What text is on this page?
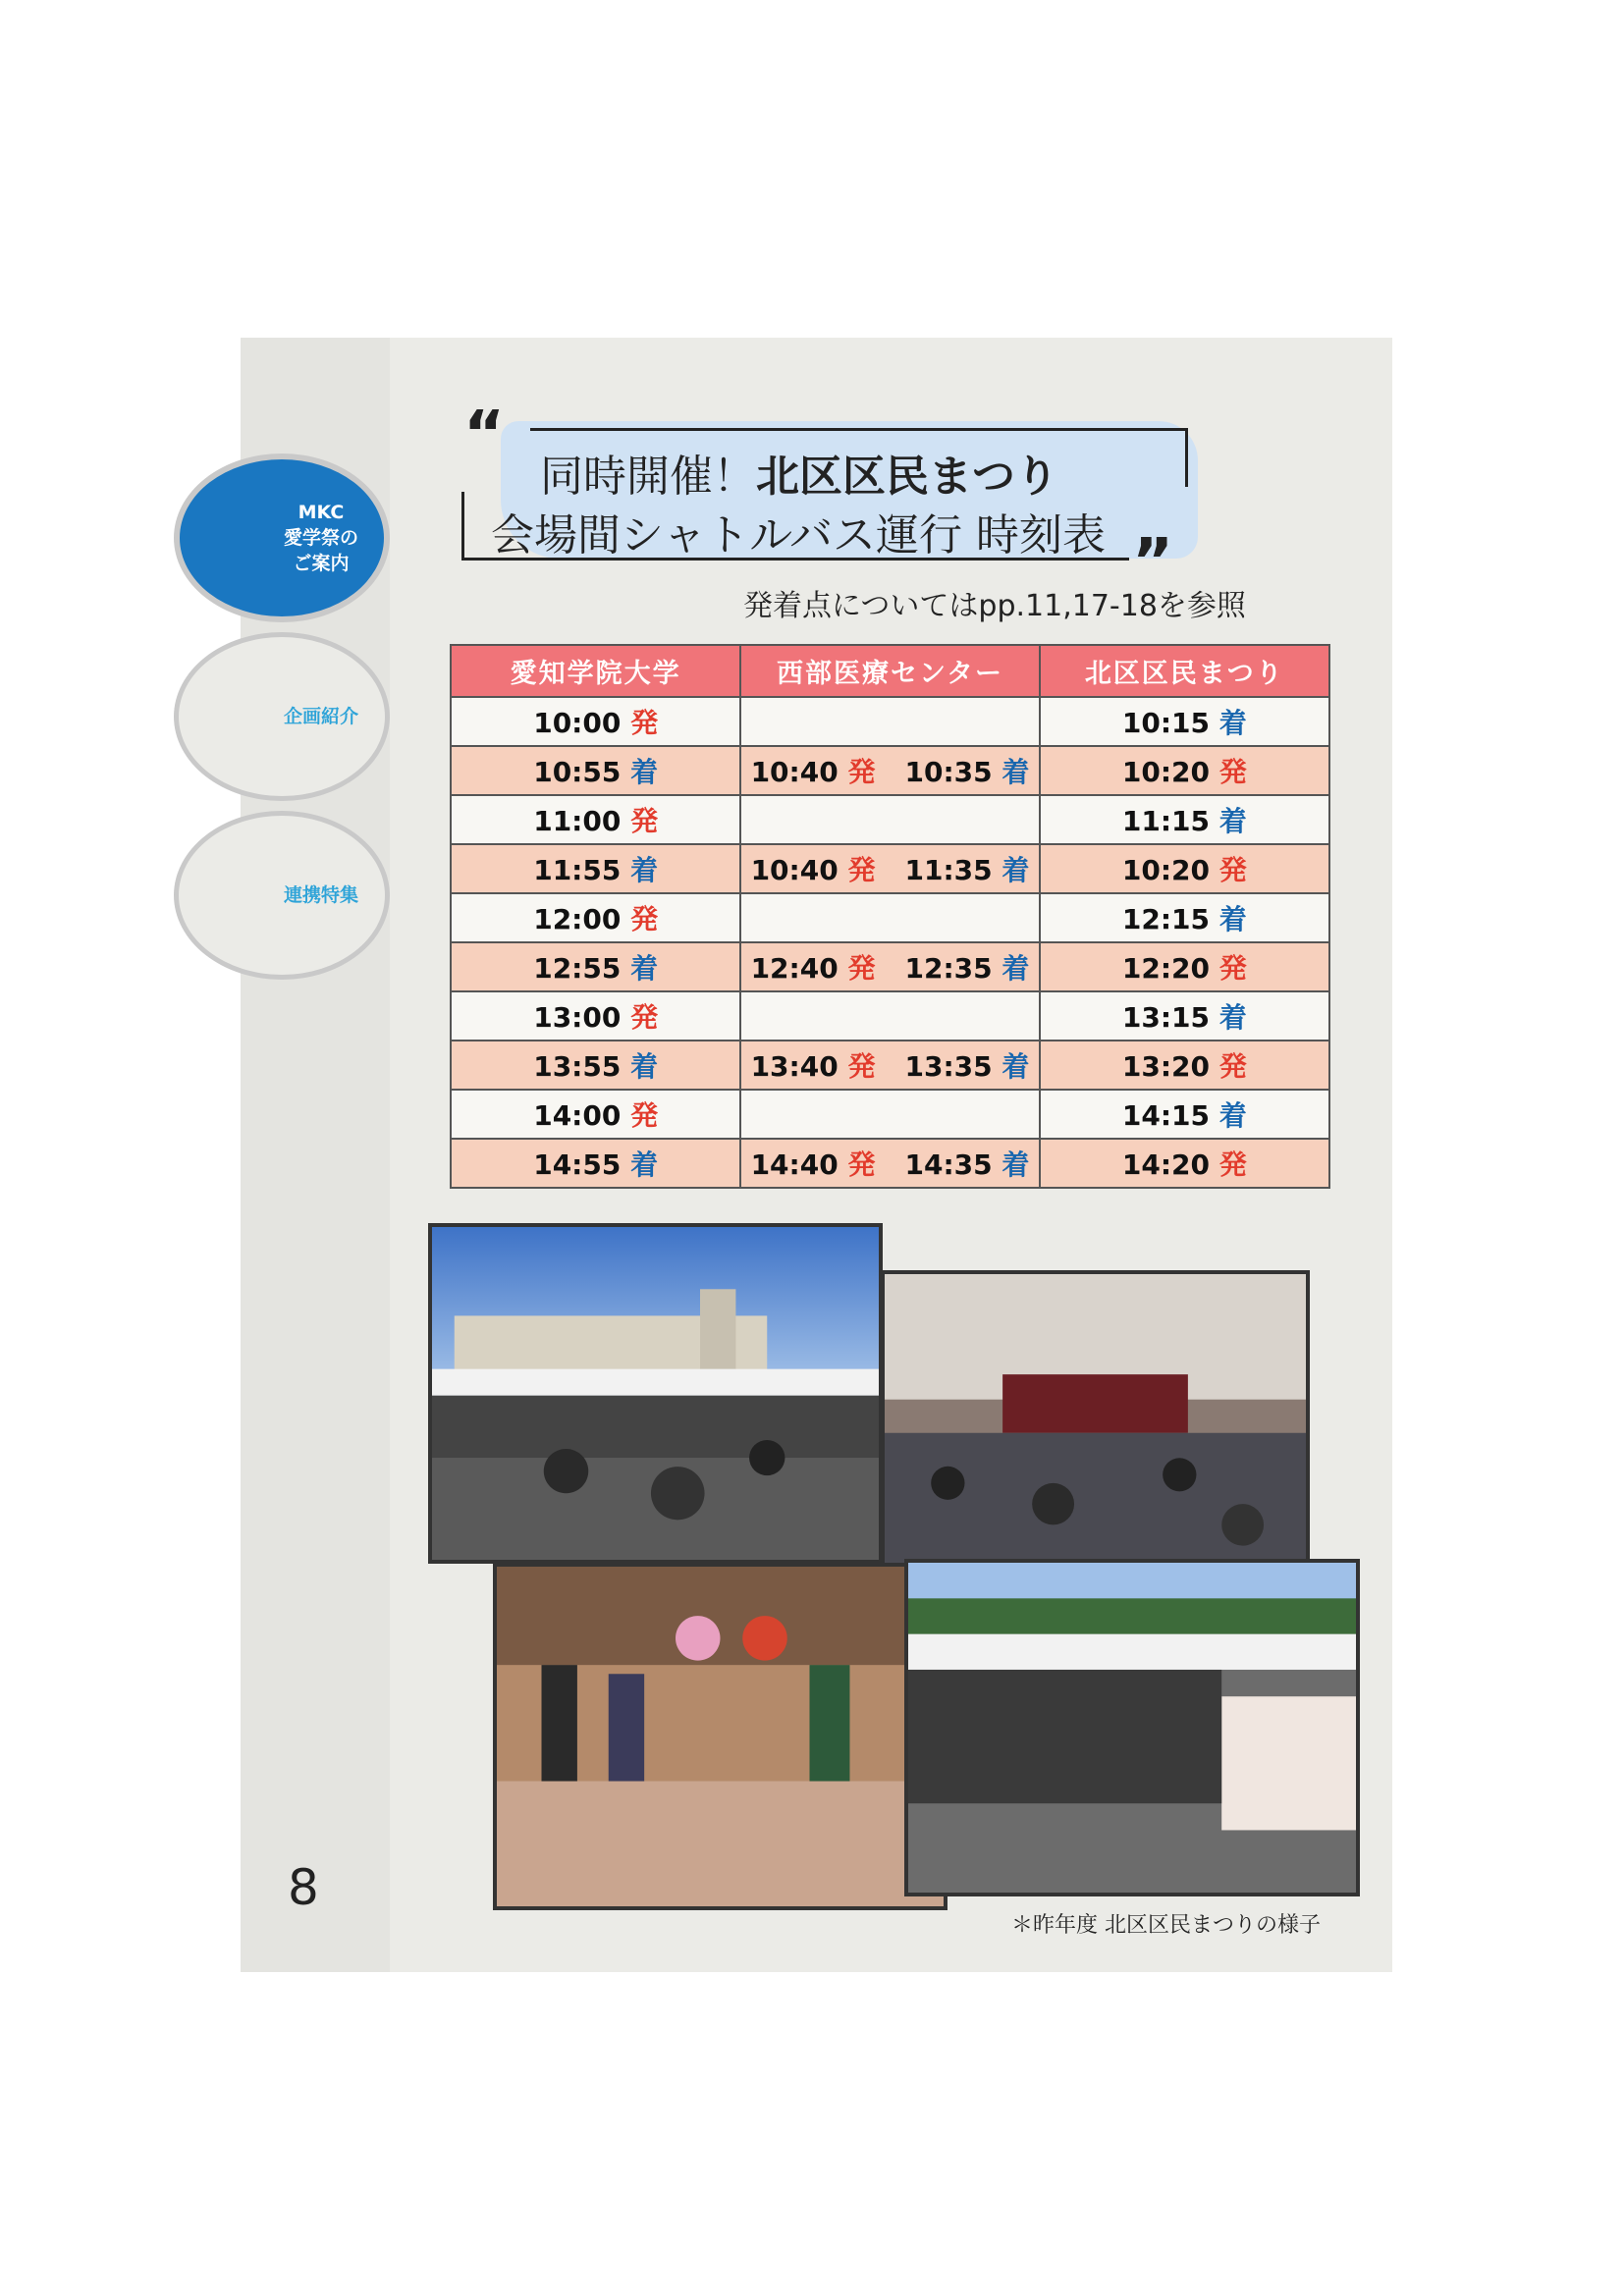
MKC
愛学祭の
ご案内
企画紹介
連携特集
8
“
”
同時開催！北区区民まつり
会場間シャトルバス運行 時刻表
発着点についてはpp.11,17-18を参照
愛知学院大学	西部医療センター	北区区民まつり
10:00 発		10:15 着
10:55 着	10:40 発 10:35 着	10:20 発
11:00 発		11:15 着
11:55 着	10:40 発 11:35 着	10:20 発
12:00 発		12:15 着
12:55 着	12:40 発 12:35 着	12:20 発
13:00 発		13:15 着
13:55 着	13:40 発 13:35 着	13:20 発
14:00 発		14:15 着
14:55 着	14:40 発 14:35 着	14:20 発
＊昨年度 北区区民まつりの様子
